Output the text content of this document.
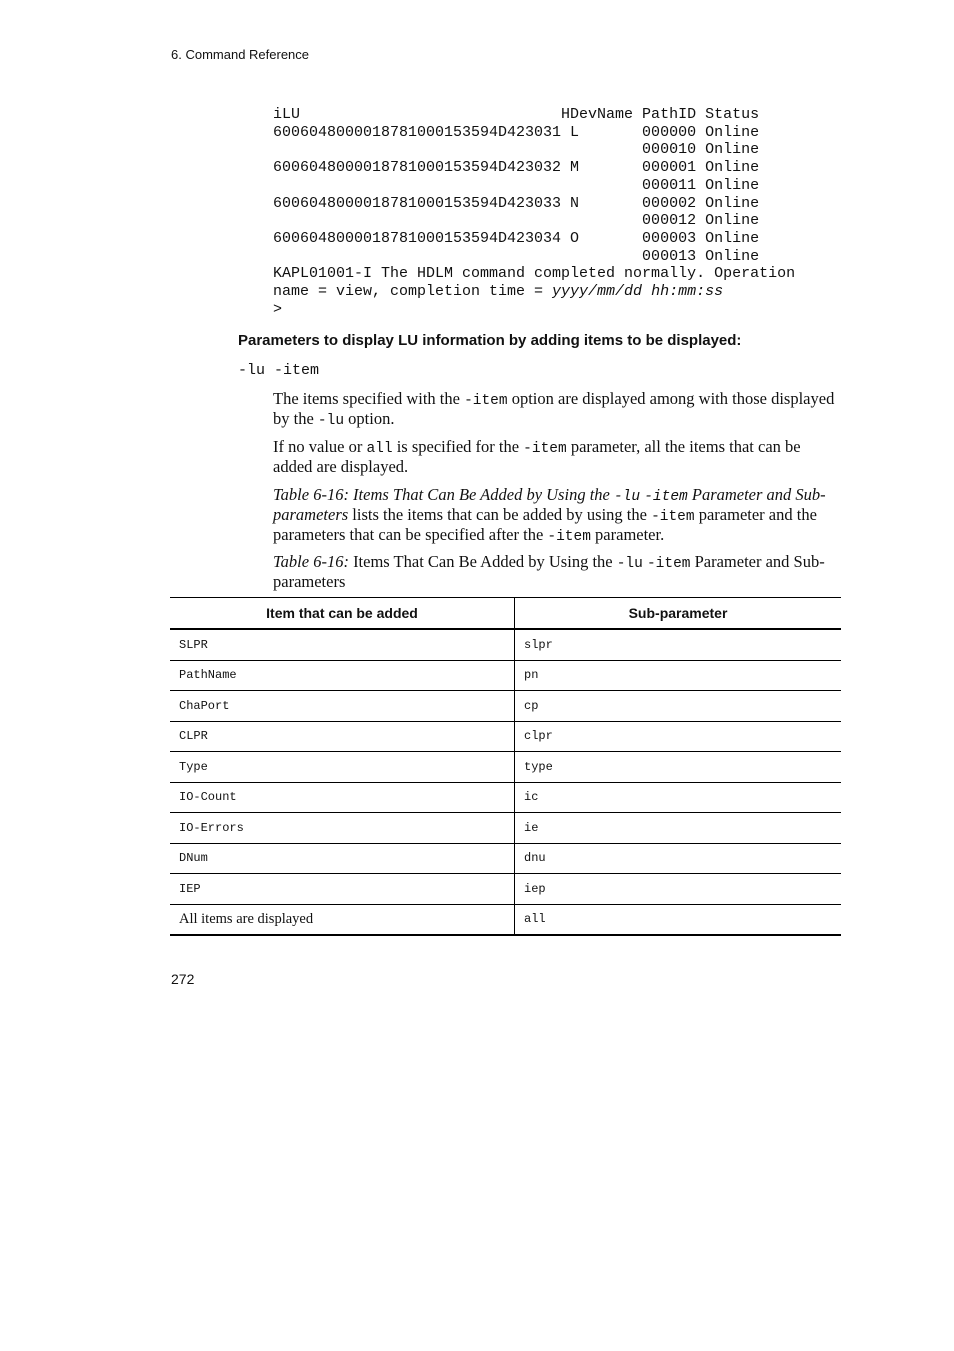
6. Command Reference
iLU                             HDevName PathID Status
6006048000018781000153594D423031 L       000000 Online
000010 Online
6006048000018781000153594D423032 M       000001 Online
000011 Online
6006048000018781000153594D423033 N       000002 Online
000012 Online
6006048000018781000153594D423034 O       000003 Online
000013 Online
KAPL01001-I The HDLM command completed normally. Operation
name = view, completion time = yyyy/mm/dd hh:mm:ss
>
Parameters to display LU information by adding items to be displayed:
-lu -item
The items specified with the -item option are displayed among with those displayed by the -lu option.
If no value or all is specified for the -item parameter, all the items that can be added are displayed.
Table 6-16: Items That Can Be Added by Using the -lu -item Parameter and Sub-parameters lists the items that can be added by using the -item parameter and the parameters that can be specified after the -item parameter.
Table 6-16: Items That Can Be Added by Using the -lu -item Parameter and Sub-parameters
Item that can be added	Sub-parameter
SLPR	slpr
PathName	pn
ChaPort	cp
CLPR	clpr
Type	type
IO-Count	ic
IO-Errors	ie
DNum	dnu
IEP	iep
All items are displayed	all
272
